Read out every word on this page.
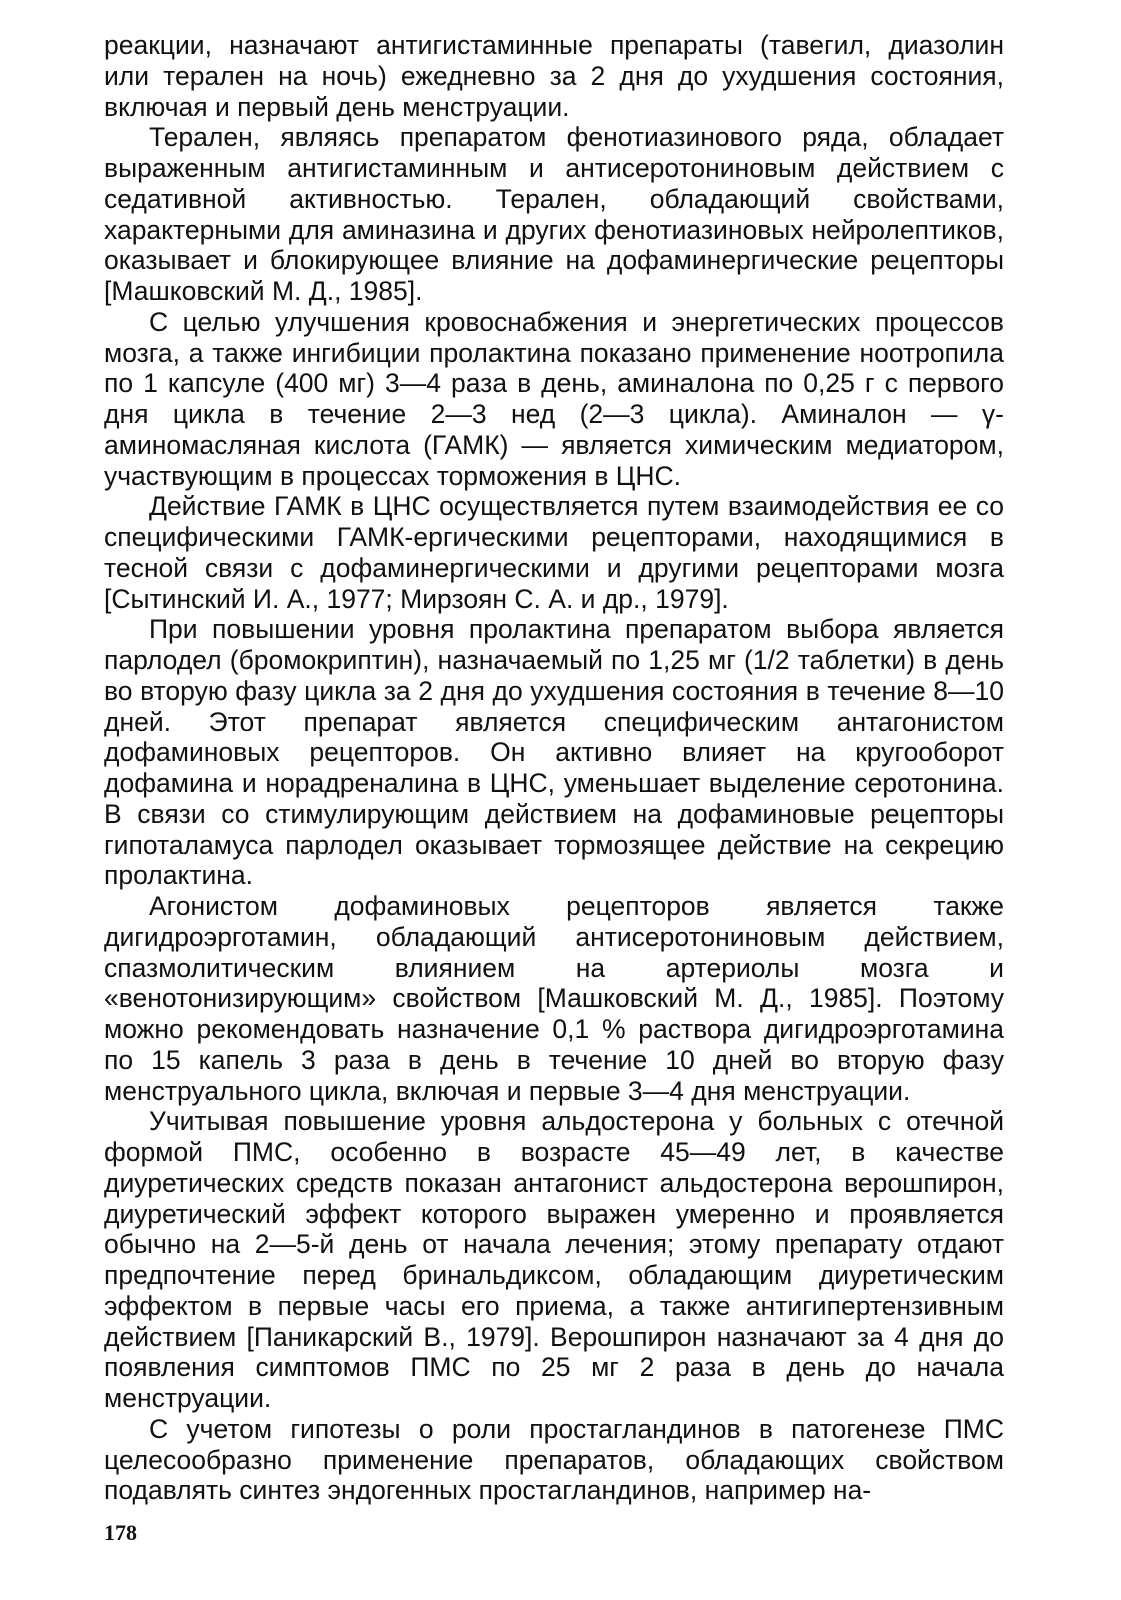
реакции, назначают антигистаминные препараты (тавегил, диазолин или терален на ночь) ежедневно за 2 дня до ухудшения состояния, включая и первый день менструации.

Терален, являясь препаратом фенотиазинового ряда, обладает выраженным антигистаминным и антисеротониновым действием с седативной активностью. Терален, обладающий свойствами, характерными для аминазина и других фенотиазиновых нейролептиков, оказывает и блокирующее влияние на дофаминергические рецепторы [Машковский М. Д., 1985].

С целью улучшения кровоснабжения и энергетических процессов мозга, а также ингибиции пролактина показано применение ноотропила по 1 капсуле (400 мг) 3—4 раза в день, аминалона по 0,25 г с первого дня цикла в течение 2—3 нед (2—3 цикла). Аминалон — γ-аминомасляная кислота (ГАМК) — является химическим медиатором, участвующим в процессах торможения в ЦНС.

Действие ГАМК в ЦНС осуществляется путем взаимодействия ее со специфическими ГАМК-ергическими рецепторами, находящимися в тесной связи с дофаминергическими и другими рецепторами мозга [Сытинский И. А., 1977; Мирзоян С. А. и др., 1979].

При повышении уровня пролактина препаратом выбора является парлодел (бромокриптин), назначаемый по 1,25 мг (1/2 таблетки) в день во вторую фазу цикла за 2 дня до ухудшения состояния в течение 8—10 дней. Этот препарат является специфическим антагонистом дофаминовых рецепторов. Он активно влияет на кругооборот дофамина и норадреналина в ЦНС, уменьшает выделение серотонина. В связи со стимулирующим действием на дофаминовые рецепторы гипоталамуса парлодел оказывает тормозящее действие на секрецию пролактина.

Агонистом дофаминовых рецепторов является также дигидроэрготамин, обладающий антисеротониновым действием, спазмолитическим влиянием на артериолы мозга и «венотонизирующим» свойством [Машковский М. Д., 1985]. Поэтому можно рекомендовать назначение 0,1 % раствора дигидроэрготамина по 15 капель 3 раза в день в течение 10 дней во вторую фазу менструального цикла, включая и первые 3—4 дня менструации.

Учитывая повышение уровня альдостерона у больных с отечной формой ПМС, особенно в возрасте 45—49 лет, в качестве диуретических средств показан антагонист альдостерона верошпирон, диуретический эффект которого выражен умеренно и проявляется обычно на 2—5-й день от начала лечения; этому препарату отдают предпочтение перед бринальдиксом, обладающим диуретическим эффектом в первые часы его приема, а также антигипертензивным действием [Паникарский В., 1979]. Верошпирон назначают за 4 дня до появления симптомов ПМС по 25 мг 2 раза в день до начала менструации.

С учетом гипотезы о роли простагландинов в патогенезе ПМС целесообразно применение препаратов, обладающих свойством подавлять синтез эндогенных простагландинов, например на-

178
